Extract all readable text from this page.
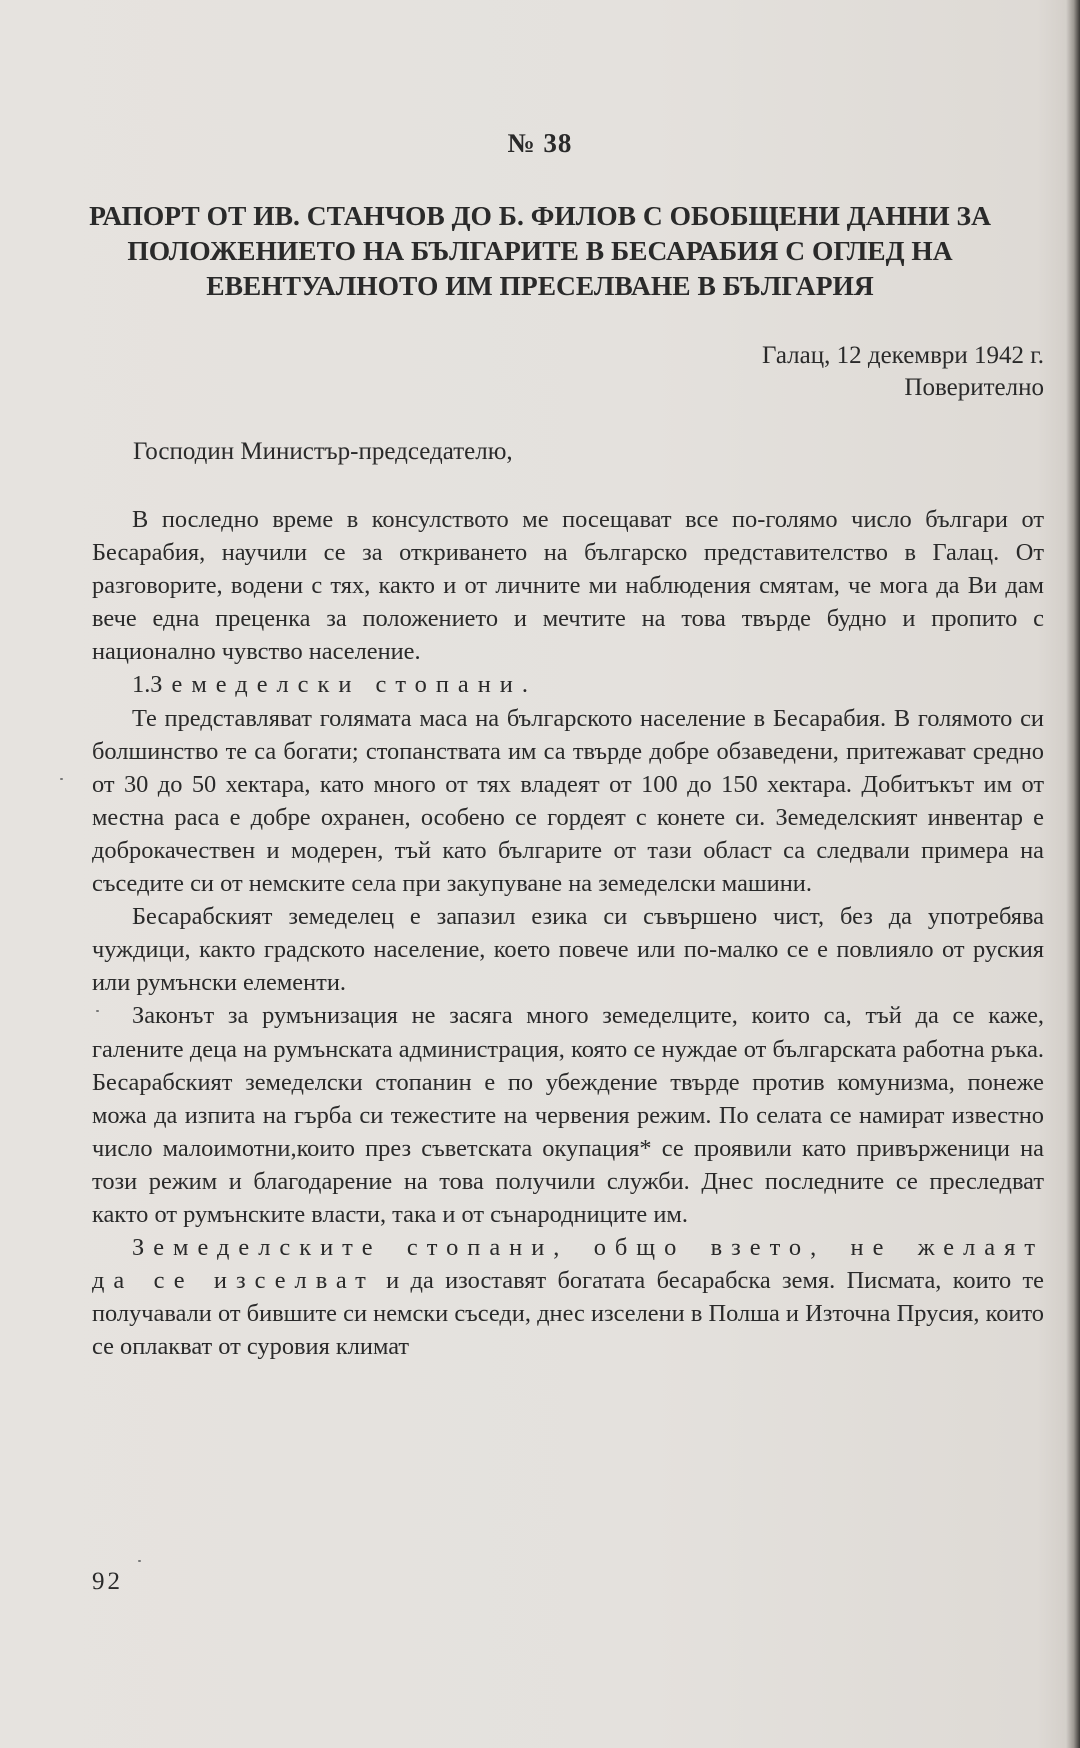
№ 38
РАПОРТ ОТ ИВ. СТАНЧОВ ДО Б. ФИЛОВ С ОБОБЩЕНИ ДАННИ ЗА ПОЛОЖЕНИЕТО НА БЪЛГАРИТЕ В БЕСАРАБИЯ С ОГЛЕД НА ЕВЕНТУАЛНОТО ИМ ПРЕСЕЛВАНЕ В БЪЛГАРИЯ
Галац, 12 декември 1942 г.
Поверително
Господин Министър-председателю,

В последно време в консулството ме посещават все по-голямо число българи от Бесарабия, научили се за откриването на българско представителство в Галац. От разговорите, водени с тях, както и от личните ми наблюдения смятам, че мога да Ви дам вече една преценка за положението и мечтите на това твърде будно и пропито с национално чувство население.

1.Земеделски стопани.

Те представляват голямата маса на българското население в Бесарабия. В голямото си болшинство те са богати; стопанствата им са твърде добре обзаведени, притежават средно от 30 до 50 хектара, като много от тях владеят от 100 до 150 хектара. Добитъкът им от местна раса е добре охранен, особено се гордеят с конете си. Земеделският инвентар е доброкачествен и модерен, тъй като българите от тази област са следвали примера на съседите си от немските села при закупуване на земеделски машини.

Бесарабският земеделец е запазил езика си съвършено чист, без да употребява чуждици, както градското население, което повече или по-малко се е повлияло от руския или румънски елементи.

Законът за румънизация не засяга много земеделците, които са, тъй да се каже, галените деца на румънската администрация, която се нуждае от българската работна ръка. Бесарабският земеделски стопанин е по убеждение твърде против комунизма, понеже можа да изпита на гърба си тежестите на червения режим. По селата се намират известно число малоимотни,които през съветската окупация* се проявили като привърженици на този режим и благодарение на това получили служби. Днес последните се преследват както от румънските власти, така и от сънародниците им.

Земеделските стопани, общо взето, не желаят да се изселват и да изоставят богатата бесарабска земя. Писмата, които те получавали от бившите си немски съседи, днес изселени в Полша и Източна Прусия, които се оплакват от суровия климат

92
